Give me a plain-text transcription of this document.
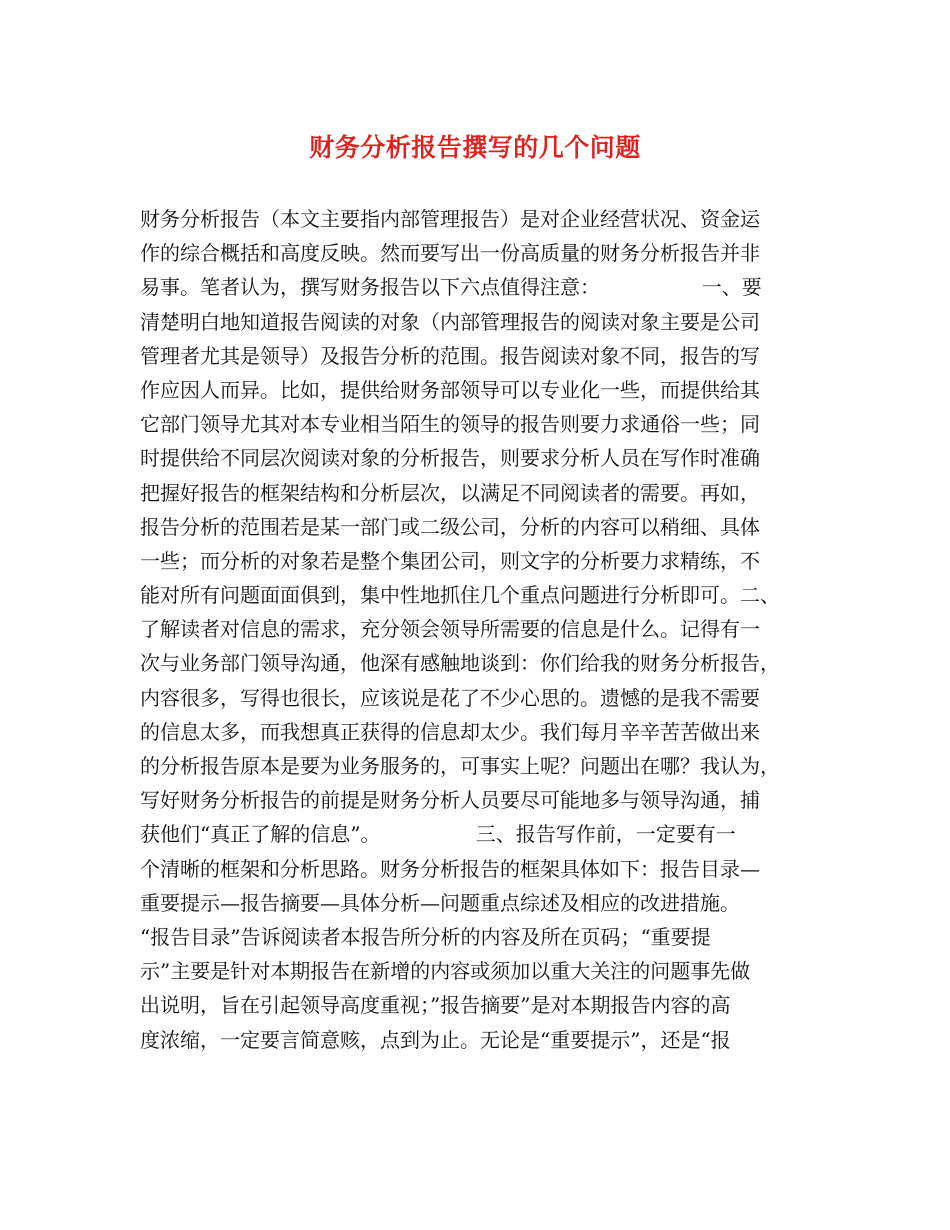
财务分析报告撰写的几个问题
财务分析报告（本文主要指内部管理报告）是对企业经营状况、资金运
作的综合概括和高度反映。然而要写出一份高质量的财务分析报告并非
易事。笔者认为，撰写财务报告以下六点值得注意：                一、要
清楚明白地知道报告阅读的对象（内部管理报告的阅读对象主要是公司
管理者尤其是领导）及报告分析的范围。报告阅读对象不同，报告的写
作应因人而异。比如，提供给财务部领导可以专业化一些，而提供给其
它部门领导尤其对本专业相当陌生的领导的报告则要力求通俗一些；同
时提供给不同层次阅读对象的分析报告，则要求分析人员在写作时准确
把握好报告的框架结构和分析层次，以满足不同阅读者的需要。再如，
报告分析的范围若是某一部门或二级公司，分析的内容可以稍细、具体
一些；而分析的对象若是整个集团公司，则文字的分析要力求精练，不
能对所有问题面面俱到，集中性地抓住几个重点问题进行分析即可。二、
了解读者对信息的需求，充分领会领导所需要的信息是什么。记得有一
次与业务部门领导沟通，他深有感触地谈到：你们给我的财务分析报告，
内容很多，写得也很长，应该说是花了不少心思的。遗憾的是我不需要
的信息太多，而我想真正获得的信息却太少。我们每月辛辛苦苦做出来
的分析报告原本是要为业务服务的，可事实上呢？问题出在哪？我认为，
写好财务分析报告的前提是财务分析人员要尽可能地多与领导沟通，捕
获他们“真正了解的信息”。               三、报告写作前，一定要有一
个清晰的框架和分析思路。财务分析报告的框架具体如下：报告目录—
重要提示—报告摘要—具体分析—问题重点综述及相应的改进措施。
“报告目录”告诉阅读者本报告所分析的内容及所在页码；“重要提
示”主要是针对本期报告在新增的内容或须加以重大关注的问题事先做
出说明，旨在引起领导高度重视；”报告摘要”是对本期报告内容的高
度浓缩，一定要言简意赅，点到为止。无论是“重要提示”，还是“报
